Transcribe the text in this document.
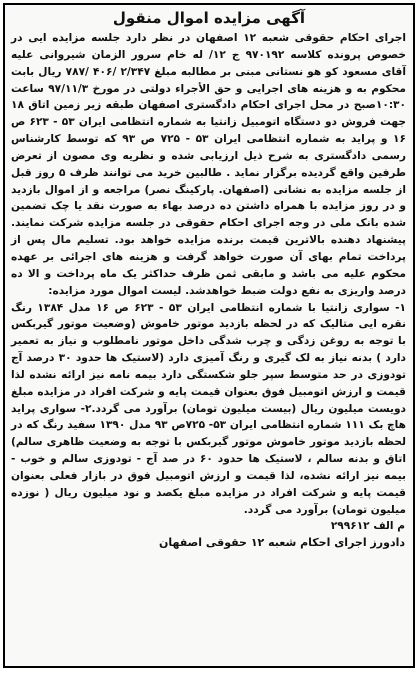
آگهی مزایده اموال منقول
اجرای احکام حقوقی شعبه ۱۲ اصفهان در نظر دارد جلسه مزایده ایی در خصوص پرونده کلاسه ۹۷۰۱۹۲ ج ۱۲/ له خام سرور الزمان شیروانی علیه آقای مسعود کو هو نستانی مبنی بر مطالبه مبلغ ۲/۳۴۷ /۴۰۶ /۷۸۷ ریال بابت محکوم به و هزینه های اجرایی و حق الأجراء دولتی در مورخ ۹۷/۱۱/۳ ساعت ۱۰:۳۰صبح در محل اجرای احکام دادگستری اصفهان طبقه زیر زمین اتاق ۱۸ جهت فروش دو دستگاه اتومبیل زانتیا به شماره انتظامی ایران ۵۳ - ۶۲۳ ص ۱۶ و پراید به شماره انتظامی ایران ۵۳ - ۷۲۵ ص ۹۳ که توسط کارشناس رسمی دادگستری به شرح ذیل ارزیابی شده و نظریه وی مصون از تعرض طرفین واقع گردیده برگزار نماید . طالبین خرید می توانند ظرف ۵ روز قبل از جلسه مزایده به نشانی (اصفهان. پارکینگ نصر) مراجعه و از اموال بازدید و در روز مزایده با همراه داشتن ده درصد بهاء به صورت نقد یا چک تضمین شده بانک ملی در وجه اجرای احکام حقوقی در جلسه مزایده شرکت نمایند. پیشنهاد دهنده بالاترین قیمت برنده مزایده خواهد بود. تسلیم مال پس از پرداخت تمام بهای آن صورت خواهد گرفت و هزینه های اجرائی بر عهده محکوم علیه می باشد و مابقی ثمن ظرف حداکثر یک ماه پرداخت و الا ده درصد واریزی به نفع دولت ضبط خواهدشد. لیست اموال مورد مزایده:
۱- سواری زانتیا با شماره انتظامی ایران ۵۳ - ۶۲۳ ص ۱۶ مدل ۱۳۸۴ رنگ نقره ایی متالیک که در لحظه بازدید موتور خاموش (وضعیت موتور گیربکس با توجه به روغن زدگی و چرب شدگی داخل موتور نامطلوب و نیاز به تعمیر دارد ) بدنه نیاز به لک گیری و رنگ آمیزی دارد (لاستیک ها حدود ۳۰ درصد آج تودوزی در حد متوسط سپر جلو شکستگی دارد بیمه نامه نیز ارائه نشده لذا قیمت و ارزش اتومبیل فوق بعنوان قیمت پایه و شرکت افراد در مزایده مبلغ دویست میلیون ریال (بیست میلیون تومان) برآورد می گردد.۲- سواری پراید هاچ بک ۱۱۱ شماره انتظامی ایران ۵۳- ۷۲۵ص ۹۳ مدل ۱۳۹۰ سفید رنگ که در لحظه بازدید موتور خاموش موتور گیربکس با توجه به وضعیت ظاهری سالم) اتاق و بدنه سالم ، لاستیک ها حدود ۶۰ در صد آج - تودوزی سالم و خوب - بیمه نیز ارائه نشده، لذا قیمت و ارزش اتومبیل فوق در بازار فعلی بعنوان قیمت پایه و شرکت افراد در مزایده مبلغ یکصد و نود میلیون ریال ( نوزده میلیون تومان) برآورد می گردد.
م الف ۲۹۹۶۱۲
دادورز اجرای احکام شعبه ۱۲ حقوقی اصفهان
